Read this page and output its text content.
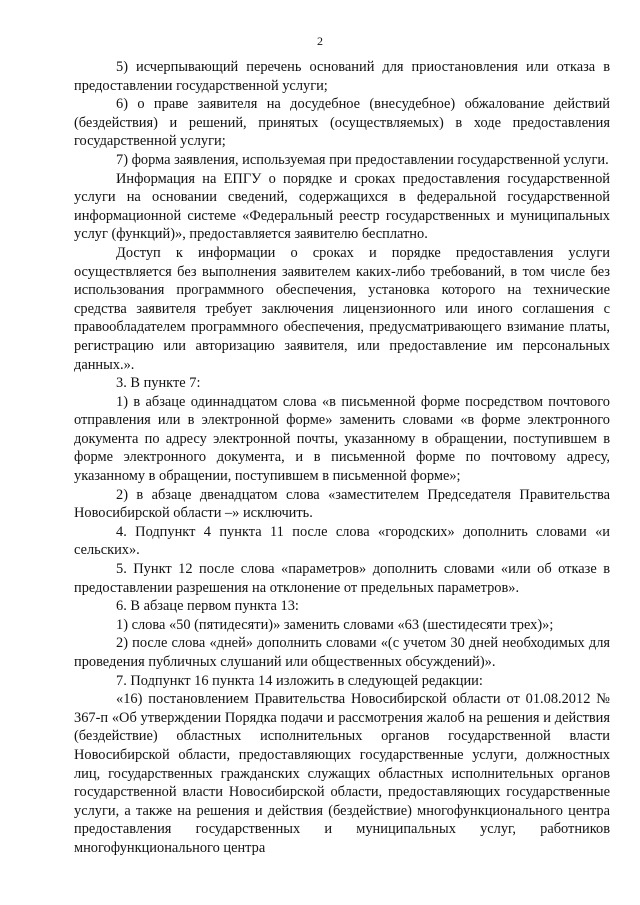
2

5) исчерпывающий перечень оснований для приостановления или отказа в предоставлении государственной услуги;

6) о праве заявителя на досудебное (внесудебное) обжалование действий (бездействия) и решений, принятых (осуществляемых) в ходе предоставления государственной услуги;

7) форма заявления, используемая при предоставлении государственной услуги.

Информация на ЕПГУ о порядке и сроках предоставления государственной услуги на основании сведений, содержащихся в федеральной государственной информационной системе «Федеральный реестр государственных и муниципальных услуг (функций)», предоставляется заявителю бесплатно.

Доступ к информации о сроках и порядке предоставления услуги осуществляется без выполнения заявителем каких-либо требований, в том числе без использования программного обеспечения, установка которого на технические средства заявителя требует заключения лицензионного или иного соглашения с правообладателем программного обеспечения, предусматривающего взимание платы, регистрацию или авторизацию заявителя, или предоставление им персональных данных.».

3. В пункте 7:

1) в абзаце одиннадцатом слова «в письменной форме посредством почтового отправления или в электронной форме» заменить словами «в форме электронного документа по адресу электронной почты, указанному в обращении, поступившем в форме электронного документа, и в письменной форме по почтовому адресу, указанному в обращении, поступившем в письменной форме»;

2) в абзаце двенадцатом слова «заместителем Председателя Правительства Новосибирской области –» исключить.

4. Подпункт 4 пункта 11 после слова «городских» дополнить словами «и сельских».

5. Пункт 12 после слова «параметров» дополнить словами «или об отказе в предоставлении разрешения на отклонение от предельных параметров».

6. В абзаце первом пункта 13:

1) слова «50 (пятидесяти)» заменить словами «63 (шестидесяти трех)»;

2) после слова «дней» дополнить словами «(с учетом 30 дней необходимых для проведения публичных слушаний или общественных обсуждений)».

7. Подпункт 16 пункта 14 изложить в следующей редакции:

«16) постановлением Правительства Новосибирской области от 01.08.2012 № 367-п «Об утверждении Порядка подачи и рассмотрения жалоб на решения и действия (бездействие) областных исполнительных органов государственной власти Новосибирской области, предоставляющих государственные услуги, должностных лиц, государственных гражданских служащих областных исполнительных органов государственной власти Новосибирской области, предоставляющих государственные услуги, а также на решения и действия (бездействие) многофункционального центра предоставления государственных и муниципальных услуг, работников многофункционального центра
